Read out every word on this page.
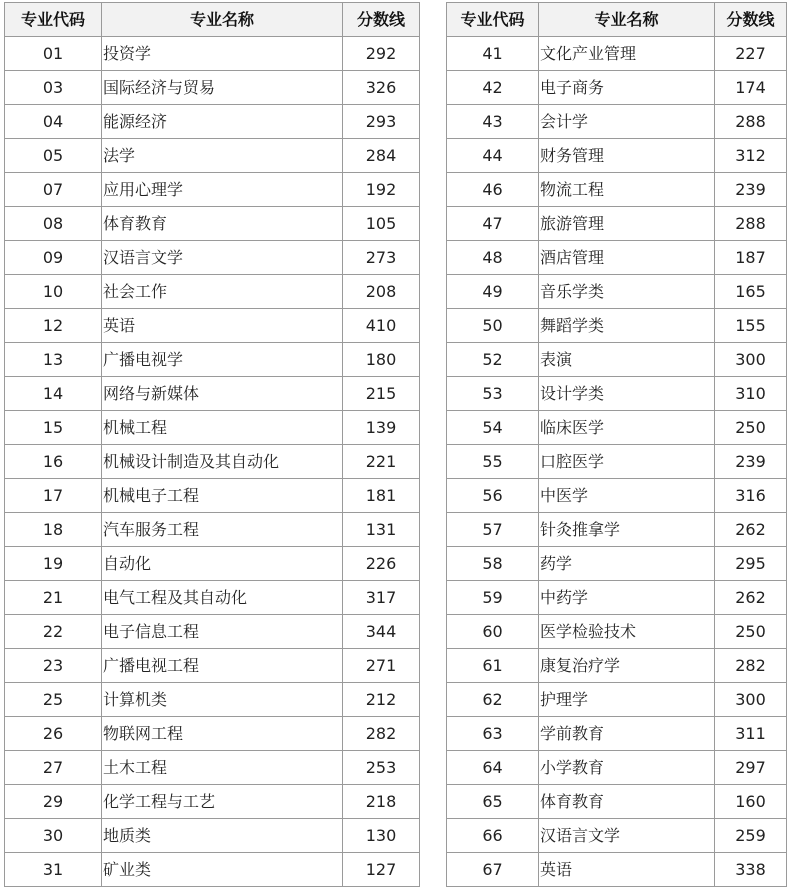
专业代码	专业名称	分数线
01	投资学	292
03	国际经济与贸易	326
04	能源经济	293
05	法学	284
07	应用心理学	192
08	体育教育	105
09	汉语言文学	273
10	社会工作	208
12	英语	410
13	广播电视学	180
14	网络与新媒体	215
15	机械工程	139
16	机械设计制造及其自动化	221
17	机械电子工程	181
18	汽车服务工程	131
19	自动化	226
21	电气工程及其自动化	317
22	电子信息工程	344
23	广播电视工程	271
25	计算机类	212
26	物联网工程	282
27	土木工程	253
29	化学工程与工艺	218
30	地质类	130
31	矿业类	127
专业代码	专业名称	分数线
41	文化产业管理	227
42	电子商务	174
43	会计学	288
44	财务管理	312
46	物流工程	239
47	旅游管理	288
48	酒店管理	187
49	音乐学类	165
50	舞蹈学类	155
52	表演	300
53	设计学类	310
54	临床医学	250
55	口腔医学	239
56	中医学	316
57	针灸推拿学	262
58	药学	295
59	中药学	262
60	医学检验技术	250
61	康复治疗学	282
62	护理学	300
63	学前教育	311
64	小学教育	297
65	体育教育	160
66	汉语言文学	259
67	英语	338
